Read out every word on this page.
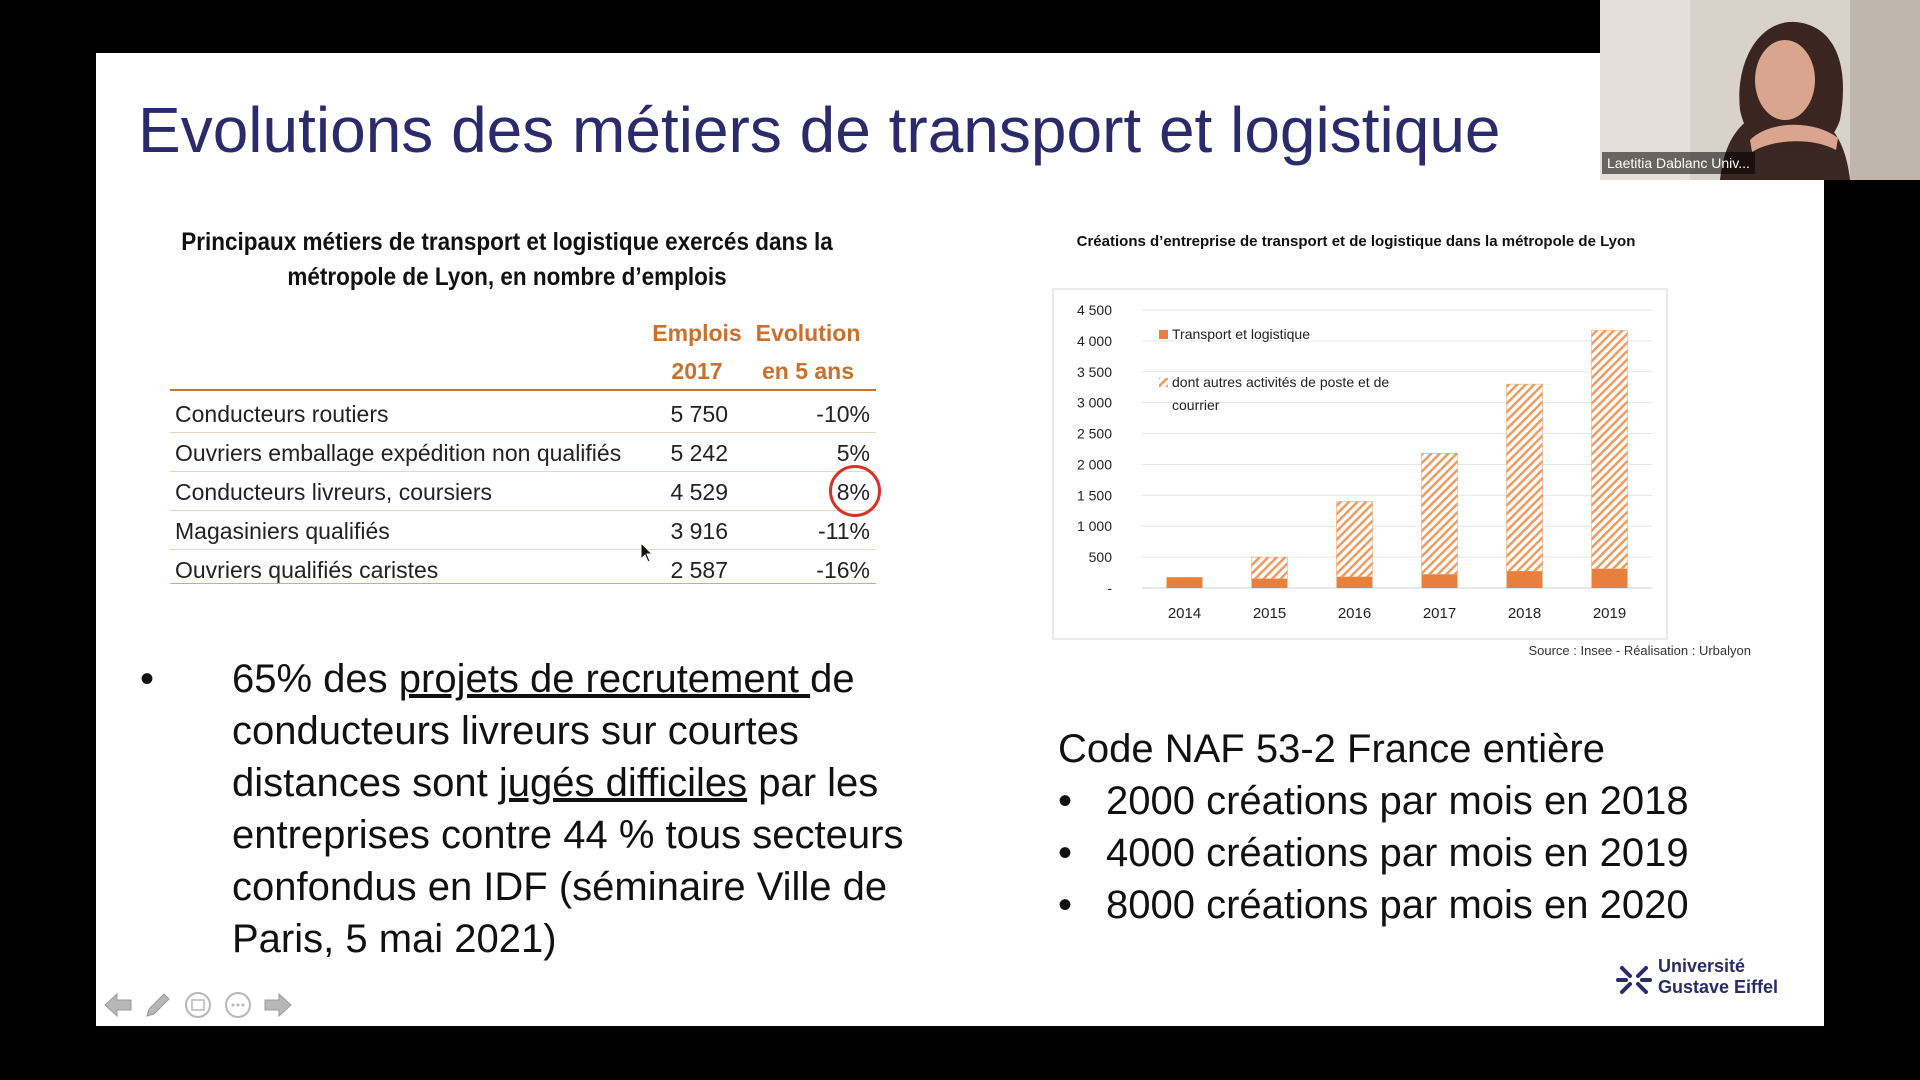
Evolutions des métiers de transport et logistique
Principaux métiers de transport et logistique exercés dans la métropole de Lyon, en nombre d’emplois
Emplois
2017
Evolution
en 5 ans
Conducteurs routiers	5 750	-10%
Ouvriers emballage expédition non qualifiés 5 242	5%
Conducteurs livreurs, coursiers	4 529	8%
Magasiniers qualifiés	3 916	-11%
Ouvriers qualifiés caristes	2 587	-16%
• 65% des projets de recrutement de conducteurs livreurs sur courtes distances sont jugés difficiles par les entreprises contre 44 % tous secteurs confondus en IDF (séminaire Ville de Paris, 5 mai 2021)
Créations d’entreprise de transport et de logistique dans la métropole de Lyon
-
500
1 000
1 500
2 000
2 500
3 000
3 500
4 000
4 500
2014	2015	2016	2017	2018	2019
Transport et logistique
dont autres activités de poste et de
courrier
Source : Insee - Réalisation : Urbalyon
Code NAF 53-2 France entière
• 2000 créations par mois en 2018
• 4000 créations par mois en 2019
• 8000 créations par mois en 2020
Université
Gustave Eiffel
Laetitia Dablanc Univ...
